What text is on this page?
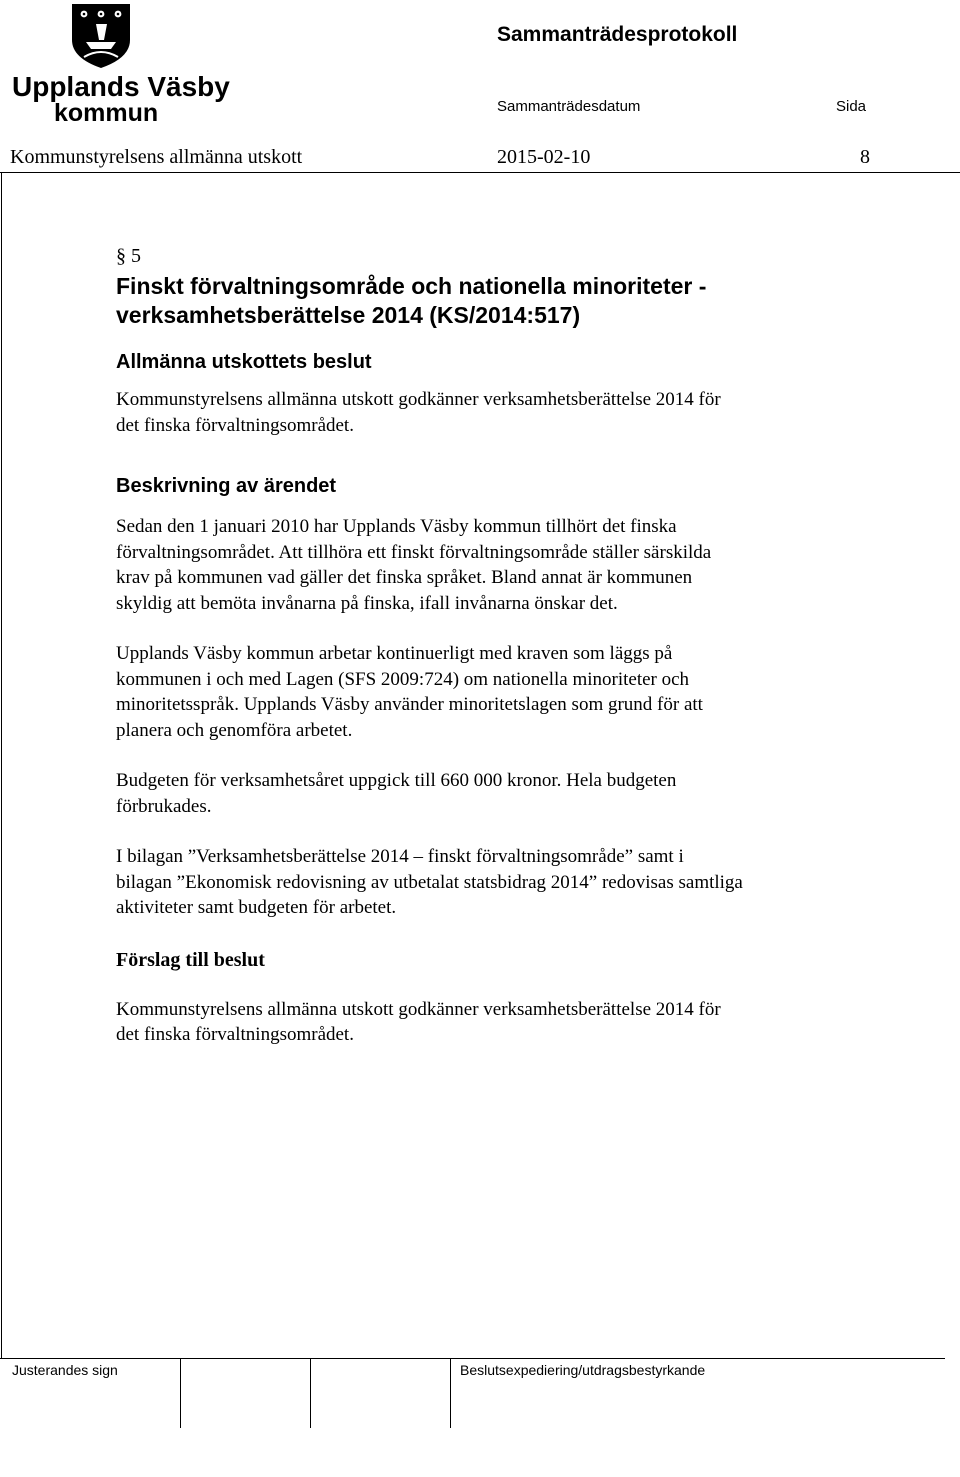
Upplands Väsby
kommun
Sammanträdesprotokoll
Sammanträdesdatum	Sida
Kommunstyrelsens allmänna utskott	2015-02-10	8

§ 5

Finskt förvaltningsområde och nationella minoriteter -

verksamhetsberättelse 2014 (KS/2014:517)

Allmänna utskottets beslut

Kommunstyrelsens allmänna utskott godkänner verksamhetsberättelse 2014 för

det finska förvaltningsområdet.

Beskrivning av ärendet

Sedan den 1 januari 2010 har Upplands Väsby kommun tillhört det finska

förvaltningsområdet. Att tillhöra ett finskt förvaltningsområde ställer särskilda

krav på kommunen vad gäller det finska språket. Bland annat är kommunen

skyldig att bemöta invånarna på finska, ifall invånarna önskar det.

Upplands Väsby kommun arbetar kontinuerligt med kraven som läggs på

kommunen i och med Lagen (SFS 2009:724) om nationella minoriteter och

minoritetsspråk. Upplands Väsby använder minoritetslagen som grund för att

planera och genomföra arbetet.

Budgeten för verksamhetsåret uppgick till 660 000 kronor. Hela budgeten

förbrukades.

I bilagan ”Verksamhetsberättelse 2014 – finskt förvaltningsområde” samt i

bilagan ”Ekonomisk redovisning av utbetalat statsbidrag 2014” redovisas samtliga

aktiviteter samt budgeten för arbetet.

Förslag till beslut

Kommunstyrelsens allmänna utskott godkänner verksamhetsberättelse 2014 för

det finska förvaltningsområdet.

Justerandes sign	Beslutsexpediering/utdragsbestyrkande
